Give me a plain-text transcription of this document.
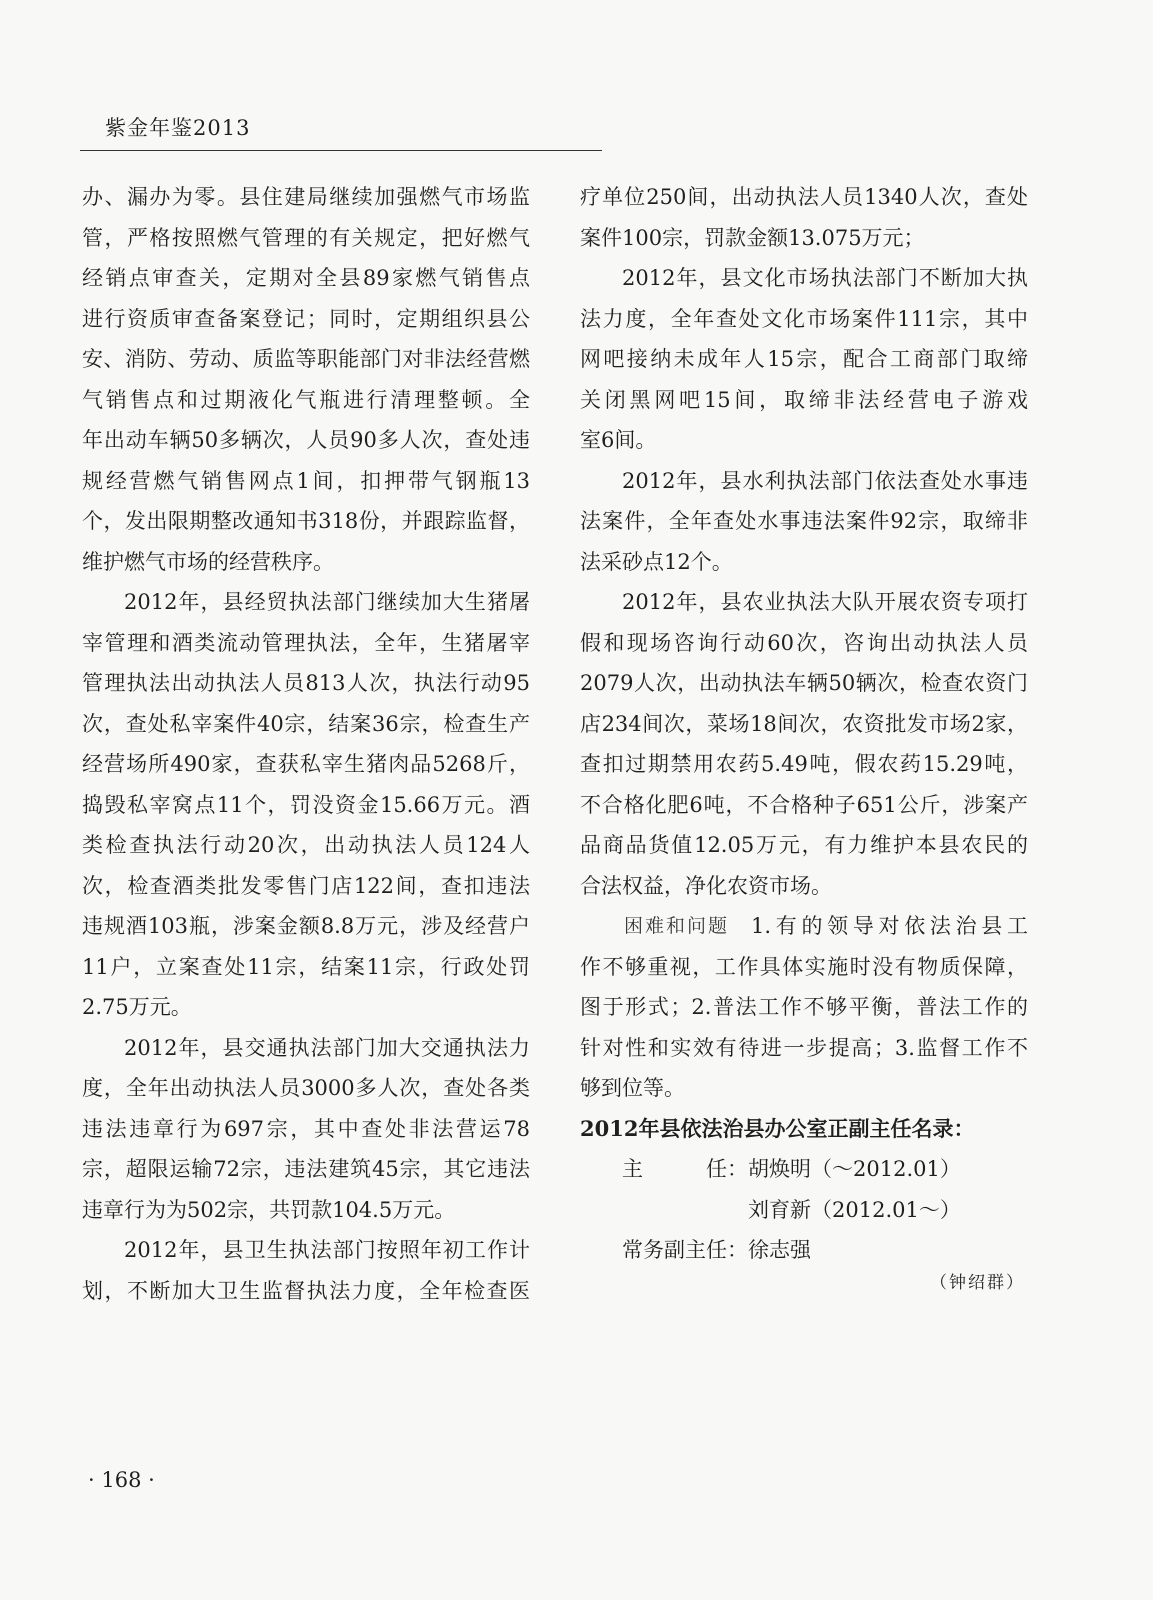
紫金年鉴2013
办、漏办为零。县住建局继续加强燃气市场监
管，严格按照燃气管理的有关规定，把好燃气
经销点审查关，定期对全县89家燃气销售点
进行资质审查备案登记；同时，定期组织县公
安、消防、劳动、质监等职能部门对非法经营燃
气销售点和过期液化气瓶进行清理整顿。全
年出动车辆50多辆次，人员90多人次，查处违
规经营燃气销售网点1间，扣押带气钢瓶13
个，发出限期整改通知书318份，并跟踪监督，
维护燃气市场的经营秩序。
2012年，县经贸执法部门继续加大生猪屠
宰管理和酒类流动管理执法，全年，生猪屠宰
管理执法出动执法人员813人次，执法行动95
次，查处私宰案件40宗，结案36宗，检查生产
经营场所490家，查获私宰生猪肉品5268斤，
捣毁私宰窝点11个，罚没资金15.66万元。酒
类检查执法行动20次，出动执法人员124人
次，检查酒类批发零售门店122间，查扣违法
违规酒103瓶，涉案金额8.8万元，涉及经营户
11户，立案查处11宗，结案11宗，行政处罚
2.75万元。
2012年，县交通执法部门加大交通执法力
度，全年出动执法人员3000多人次，查处各类
违法违章行为697宗，其中查处非法营运78
宗，超限运输72宗，违法建筑45宗，其它违法
违章行为为502宗，共罚款104.5万元。
2012年，县卫生执法部门按照年初工作计
划，不断加大卫生监督执法力度，全年检查医
疗单位250间，出动执法人员1340人次，查处
案件100宗，罚款金额13.075万元；
2012年，县文化市场执法部门不断加大执
法力度，全年查处文化市场案件111宗，其中
网吧接纳未成年人15宗，配合工商部门取缔
关闭黑网吧15间，取缔非法经营电子游戏
室6间。
2012年，县水利执法部门依法查处水事违
法案件，全年查处水事违法案件92宗，取缔非
法采砂点12个。
2012年，县农业执法大队开展农资专项打
假和现场咨询行动60次，咨询出动执法人员
2079人次，出动执法车辆50辆次，检查农资门
店234间次，菜场18间次，农资批发市场2家，
查扣过期禁用农药5.49吨，假农药15.29吨，
不合格化肥6吨，不合格种子651公斤，涉案产
品商品货值12.05万元，有力维护本县农民的
合法权益，净化农资市场。
困难和问题 1.有的领导对依法治县工
作不够重视，工作具体实施时没有物质保障，
图于形式；2.普法工作不够平衡，普法工作的
针对性和实效有待进一步提高；3.监督工作不
够到位等。
2012年县依法治县办公室正副主任名录：
主　　　任：胡焕明（～2012.01）
刘育新（2012.01～）
常务副主任：徐志强
（钟绍群）
· 168 ·
